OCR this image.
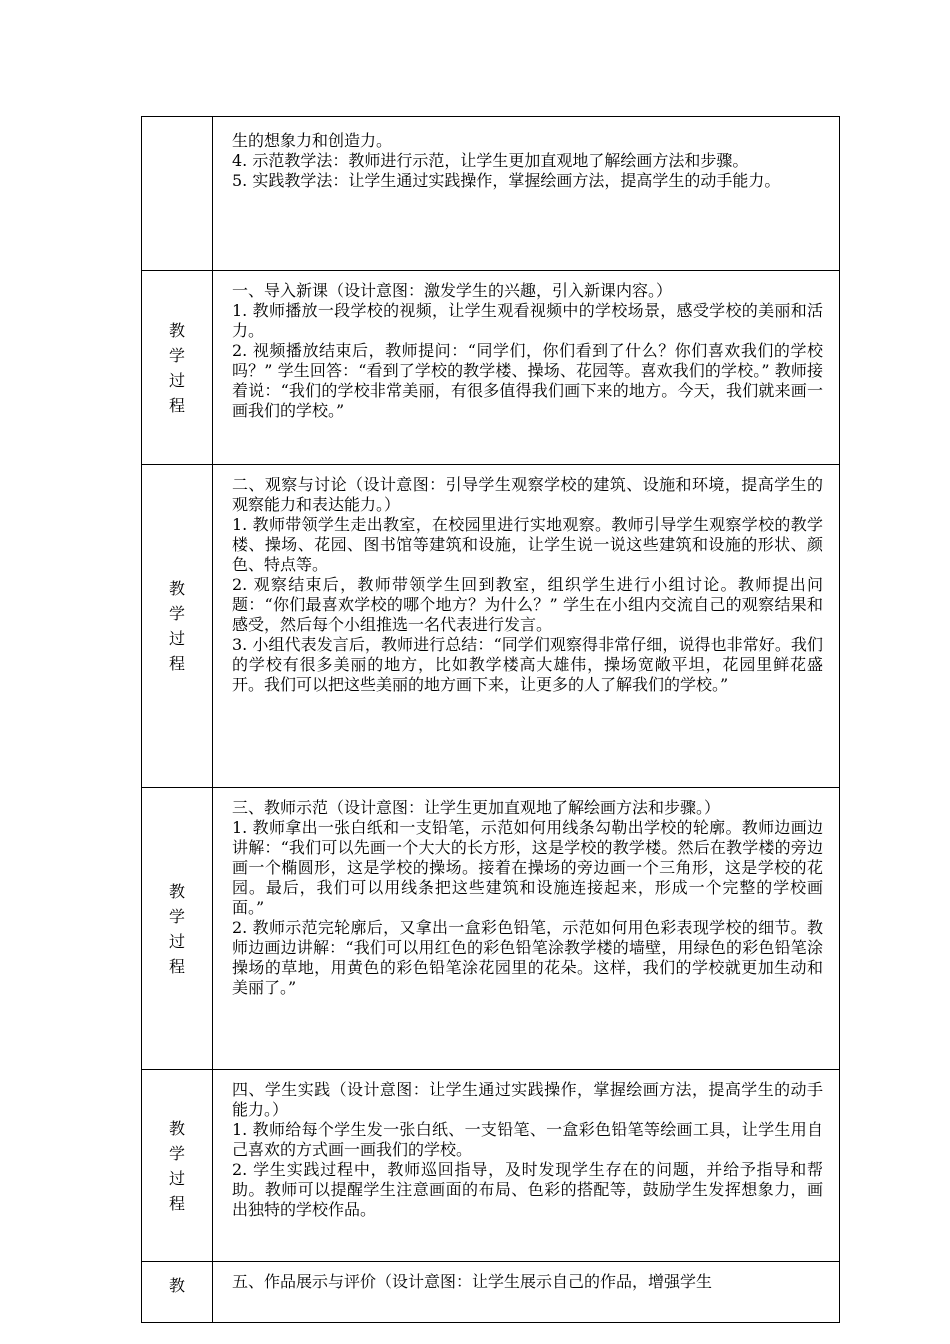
	生的想象力和创造力。

4. 示范教学法：教师进行示范，让学生更加直观地了解绘画方法和步骤。

5. 实践教学法：让学生通过实践操作，掌握绘画方法，提高学生的动手能力。

教学过程	一、导入新课（设计意图：激发学生的兴趣，引入新课内容。）

1. 教师播放一段学校的视频，让学生观看视频中的学校场景，感受学校的美丽和活力。

2. 视频播放结束后，教师提问：“同学们，你们看到了什么？你们喜欢我们的学校吗？” 学生回答：“看到了学校的教学楼、操场、花园等。喜欢我们的学校。” 教师接着说：“我们的学校非常美丽，有很多值得我们画下来的地方。今天，我们就来画一画我们的学校。”

教学过程	二、观察与讨论（设计意图：引导学生观察学校的建筑、设施和环境，提高学生的观察能力和表达能力。）

1. 教师带领学生走出教室，在校园里进行实地观察。教师引导学生观察学校的教学楼、操场、花园、图书馆等建筑和设施，让学生说一说这些建筑和设施的形状、颜色、特点等。

2. 观察结束后，教师带领学生回到教室，组织学生进行小组讨论。教师提出问题：“你们最喜欢学校的哪个地方？为什么？” 学生在小组内交流自己的观察结果和感受，然后每个小组推选一名代表进行发言。

3. 小组代表发言后，教师进行总结：“同学们观察得非常仔细，说得也非常好。我们的学校有很多美丽的地方，比如教学楼高大雄伟，操场宽敞平坦，花园里鲜花盛开。我们可以把这些美丽的地方画下来，让更多的人了解我们的学校。”

教学过程	三、教师示范（设计意图：让学生更加直观地了解绘画方法和步骤。）

1. 教师拿出一张白纸和一支铅笔，示范如何用线条勾勒出学校的轮廓。教师边画边讲解：“我们可以先画一个大大的长方形，这是学校的教学楼。然后在教学楼的旁边画一个椭圆形，这是学校的操场。接着在操场的旁边画一个三角形，这是学校的花园。最后，我们可以用线条把这些建筑和设施连接起来，形成一个完整的学校画面。”

2. 教师示范完轮廓后，又拿出一盒彩色铅笔，示范如何用色彩表现学校的细节。教师边画边讲解：“我们可以用红色的彩色铅笔涂教学楼的墙壁，用绿色的彩色铅笔涂操场的草地，用黄色的彩色铅笔涂花园里的花朵。这样，我们的学校就更加生动和美丽了。”

教学过程	四、学生实践（设计意图：让学生通过实践操作，掌握绘画方法，提高学生的动手能力。）

1. 教师给每个学生发一张白纸、一支铅笔、一盒彩色铅笔等绘画工具，让学生用自己喜欢的方式画一画我们的学校。

2. 学生实践过程中，教师巡回指导，及时发现学生存在的问题，并给予指导和帮助。教师可以提醒学生注意画面的布局、色彩的搭配等，鼓励学生发挥想象力，画出独特的学校作品。

教	五、作品展示与评价（设计意图：让学生展示自己的作品，增强学生
